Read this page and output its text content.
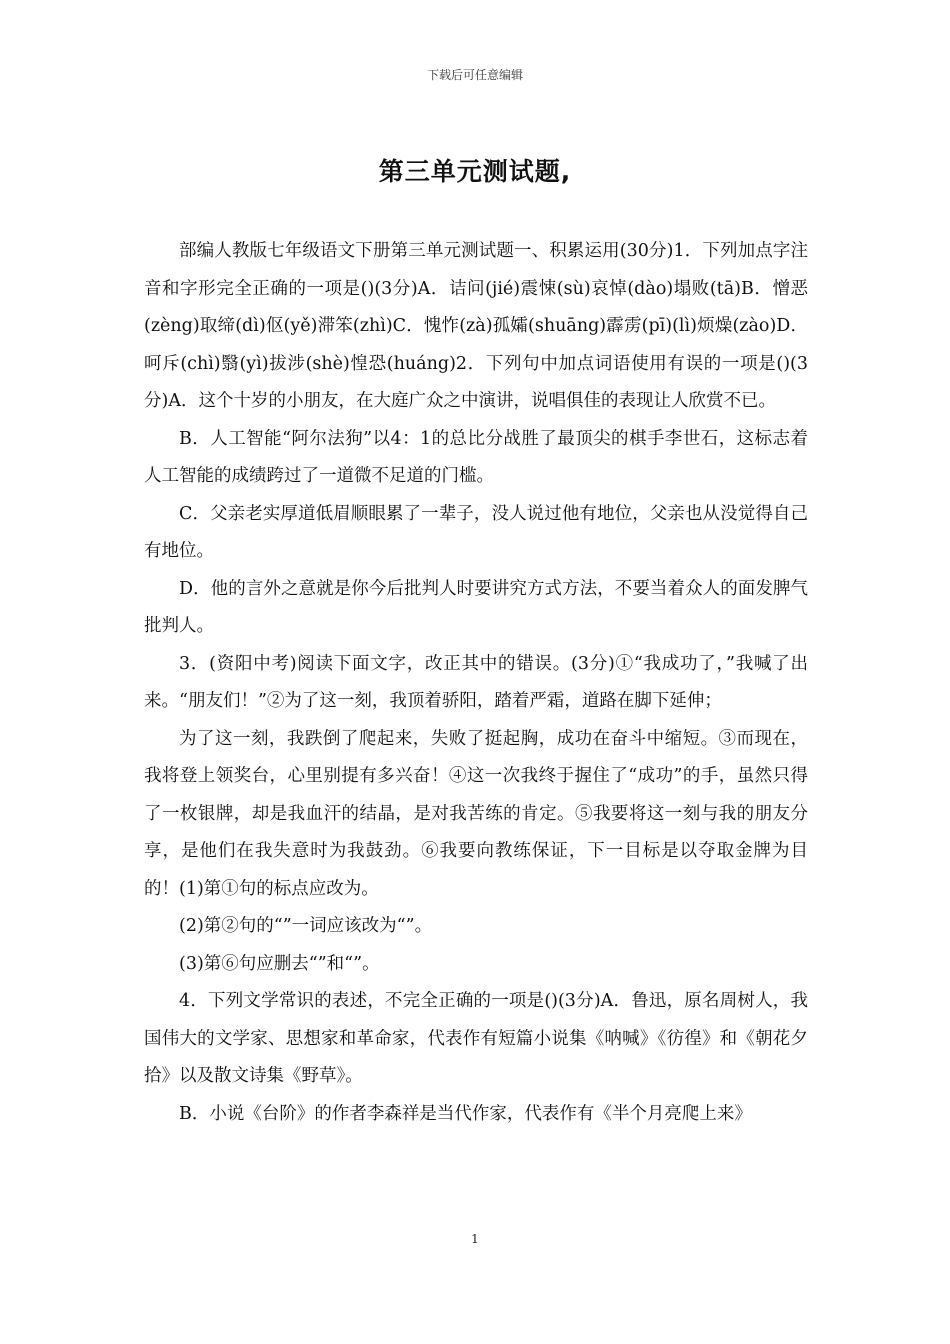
下载后可任意编辑
第三单元测试题,

部编人教版七年级语文下册第三单元测试题一、积累运用(30分)1．下列加点字注音和字形完全正确的一项是()(3分)A．诘问(jié)震悚(sù)哀悼(dào)塌败(tā)B．憎恶(zèng)取缔(dì)伛(yě)滞笨(zhì)C．愧怍(zà)孤孀(shuāng)霹雳(pī)(lì)烦燥(zào)D．呵斥(chì)翳(yì)拔涉(shè)惶恐(huáng)2．下列句中加点词语使用有误的一项是()(3分)A．这个十岁的小朋友，在大庭广众之中演讲，说唱俱佳的表现让人欣赏不已。

B．人工智能“阿尔法狗”以4：1的总比分战胜了最顶尖的棋手李世石，这标志着人工智能的成绩跨过了一道微不足道的门槛。

C．父亲老实厚道低眉顺眼累了一辈子，没人说过他有地位，父亲也从没觉得自己有地位。

D．他的言外之意就是你今后批判人时要讲究方式方法，不要当着众人的面发脾气批判人。

3．(资阳中考)阅读下面文字，改正其中的错误。(3分)①“我成功了，”我喊了出来。“朋友们！”②为了这一刻，我顶着骄阳，踏着严霜，道路在脚下延伸；

为了这一刻，我跌倒了爬起来，失败了挺起胸，成功在奋斗中缩短。③而现在，我将登上领奖台，心里别提有多兴奋！④这一次我终于握住了“成功”的手，虽然只得了一枚银牌，却是我血汗的结晶，是对我苦练的肯定。⑤我要将这一刻与我的朋友分享，是他们在我失意时为我鼓劲。⑥我要向教练保证，下一目标是以夺取金牌为目的！(1)第①句的标点应改为。

(2)第②句的“”一词应该改为“”。

(3)第⑥句应删去“”和“”。

4．下列文学常识的表述，不完全正确的一项是()(3分)A．鲁迅，原名周树人，我国伟大的文学家、思想家和革命家，代表作有短篇小说集《呐喊》《彷徨》和《朝花夕拾》以及散文诗集《野草》。

B．小说《台阶》的作者李森祥是当代作家，代表作有《半个月亮爬上来》

1
